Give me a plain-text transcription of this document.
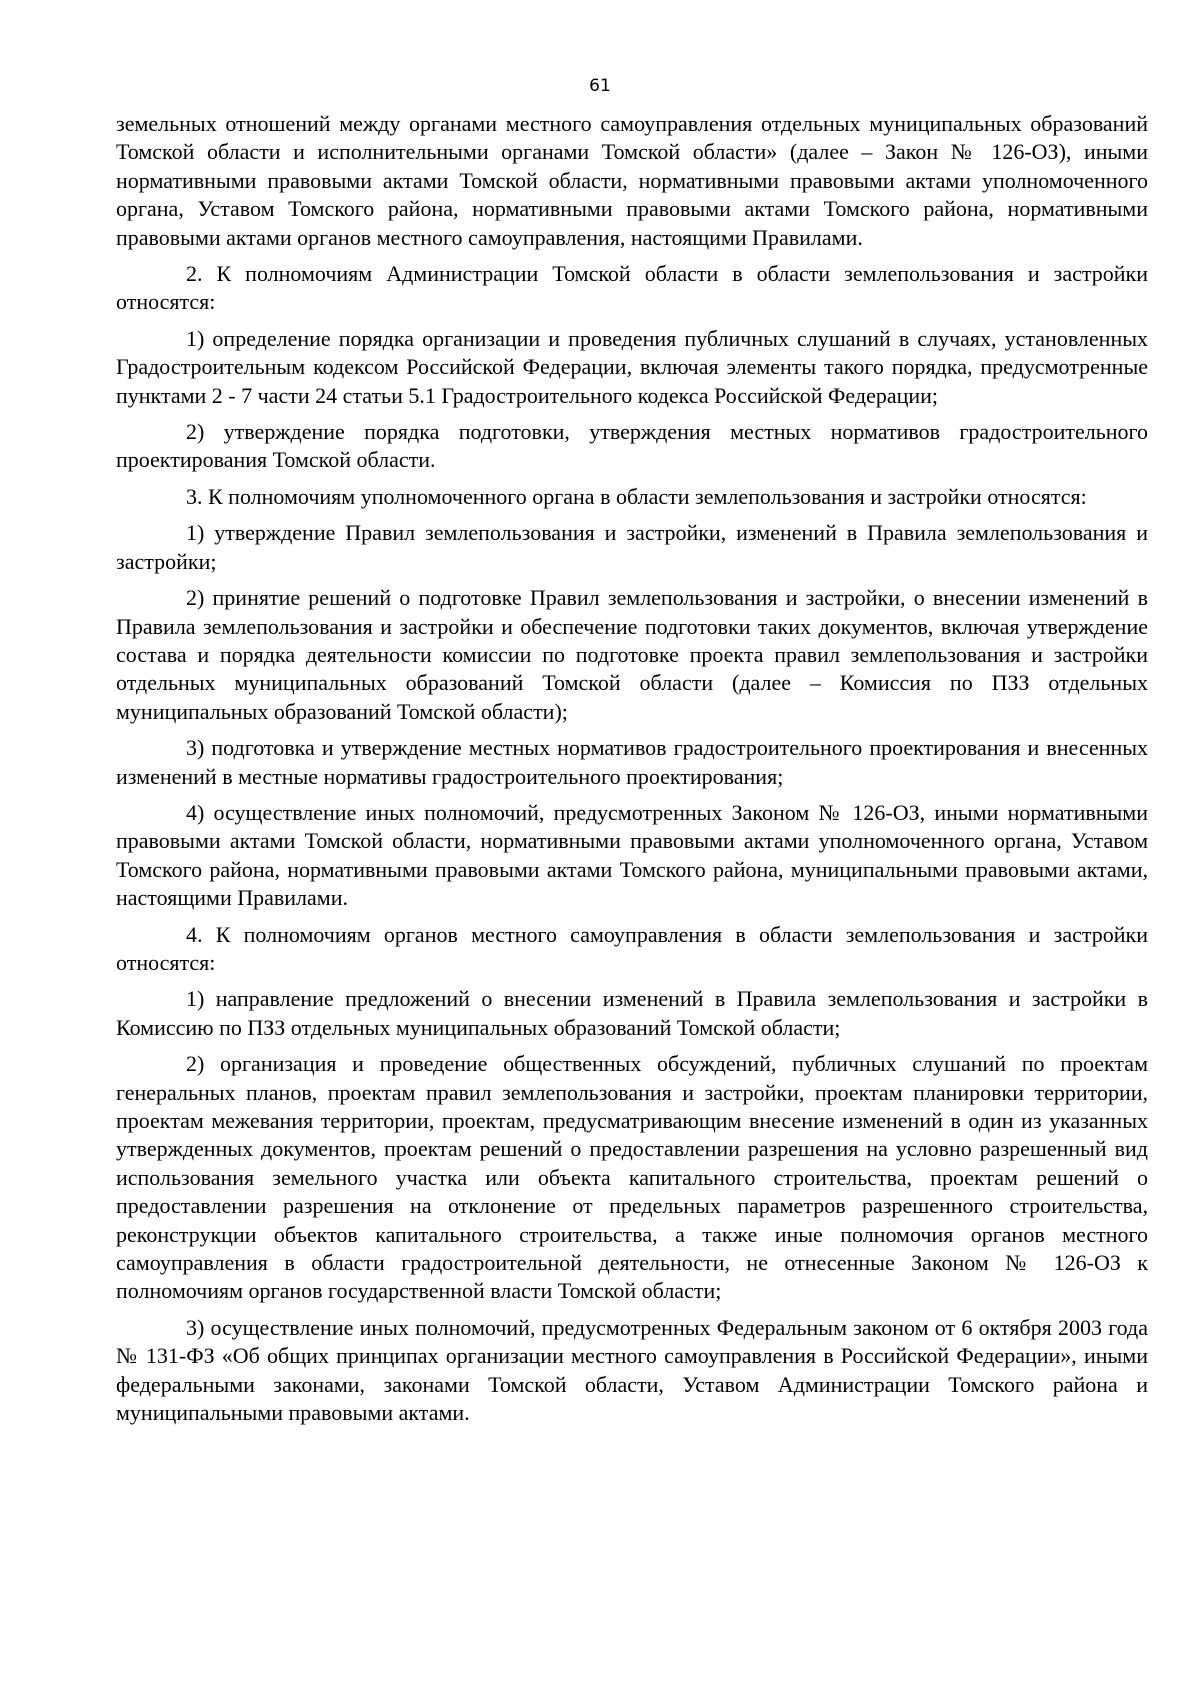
61

земельных отношений между органами местного самоуправления отдельных муниципальных образований Томской области и исполнительными органами Томской области» (далее – Закон № 126-ОЗ), иными нормативными правовыми актами Томской области, нормативными правовыми актами уполномоченного органа, Уставом Томского района, нормативными правовыми актами Томского района, нормативными правовыми актами органов местного самоуправления, настоящими Правилами.

2. К полномочиям Администрации Томской области в области землепользования и застройки относятся:

1) определение порядка организации и проведения публичных слушаний в случаях, установленных Градостроительным кодексом Российской Федерации, включая элементы такого порядка, предусмотренные пунктами 2 - 7 части 24 статьи 5.1 Градостроительного кодекса Российской Федерации;

2) утверждение порядка подготовки, утверждения местных нормативов градостроительного проектирования Томской области.

3. К полномочиям уполномоченного органа в области землепользования и застройки относятся:

1) утверждение Правил землепользования и застройки, изменений в Правила землепользования и застройки;

2) принятие решений о подготовке Правил землепользования и застройки, о внесении изменений в Правила землепользования и застройки и обеспечение подготовки таких документов, включая утверждение состава и порядка деятельности комиссии по подготовке проекта правил землепользования и застройки отдельных муниципальных образований Томской области (далее – Комиссия по ПЗЗ отдельных муниципальных образований Томской области);

3) подготовка и утверждение местных нормативов градостроительного проектирования и внесенных изменений в местные нормативы градостроительного проектирования;

4) осуществление иных полномочий, предусмотренных Законом № 126-ОЗ, иными нормативными правовыми актами Томской области, нормативными правовыми актами уполномоченного органа, Уставом Томского района, нормативными правовыми актами Томского района, муниципальными правовыми актами, настоящими Правилами.

4. К полномочиям органов местного самоуправления в области землепользования и застройки относятся:

1) направление предложений о внесении изменений в Правила землепользования и застройки в Комиссию по ПЗЗ отдельных муниципальных образований Томской области;

2) организация и проведение общественных обсуждений, публичных слушаний по проектам генеральных планов, проектам правил землепользования и застройки, проектам планировки территории, проектам межевания территории, проектам, предусматривающим внесение изменений в один из указанных утвержденных документов, проектам решений о предоставлении разрешения на условно разрешенный вид использования земельного участка или объекта капитального строительства, проектам решений о предоставлении разрешения на отклонение от предельных параметров разрешенного строительства, реконструкции объектов капитального строительства, а также иные полномочия органов местного самоуправления в области градостроительной деятельности, не отнесенные Законом № 126-ОЗ к полномочиям органов государственной власти Томской области;

3) осуществление иных полномочий, предусмотренных Федеральным законом от 6 октября 2003 года № 131-ФЗ «Об общих принципах организации местного самоуправления в Российской Федерации», иными федеральными законами, законами Томской области, Уставом Администрации Томского района и муниципальными правовыми актами.
